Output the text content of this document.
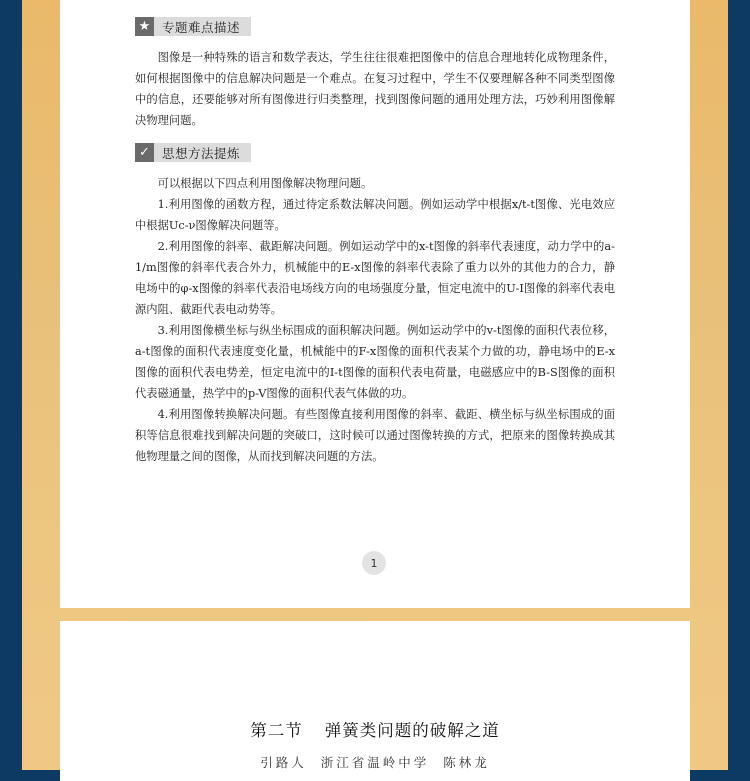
★ 专题难点描述

图像是一种特殊的语言和数学表达，学生往往很难把图像中的信息合理地转化成物理条件，如何根据图像中的信息解决问题是一个难点。在复习过程中，学生不仅要理解各种不同类型图像中的信息，还要能够对所有图像进行归类整理，找到图像问题的通用处理方法，巧妙利用图像解决物理问题。

✓ 思想方法提炼

可以根据以下四点利用图像解决物理问题。

1.利用图像的函数方程，通过待定系数法解决问题。例如运动学中根据x/t-t图像、光电效应中根据Uc-ν图像解决问题等。

2.利用图像的斜率、截距解决问题。例如运动学中的x-t图像的斜率代表速度，动力学中的a-1/m图像的斜率代表合外力，机械能中的E-x图像的斜率代表除了重力以外的其他力的合力，静电场中的φ-x图像的斜率代表沿电场线方向的电场强度分量，恒定电流中的U-I图像的斜率代表电源内阻、截距代表电动势等。

3.利用图像横坐标与纵坐标围成的面积解决问题。例如运动学中的v-t图像的面积代表位移，a-t图像的面积代表速度变化量，机械能中的F-x图像的面积代表某个力做的功，静电场中的E-x图像的面积代表电势差，恒定电流中的I-t图像的面积代表电荷量，电磁感应中的B-S图像的面积代表磁通量，热学中的p-V图像的面积代表气体做的功。

4.利用图像转换解决问题。有些图像直接利用图像的斜率、截距、横坐标与纵坐标围成的面积等信息很难找到解决问题的突破口，这时候可以通过图像转换的方式，把原来的图像转换成其他物理量之间的图像，从而找到解决问题的方法。

1
第二节 弹簧类问题的破解之道
引路人 浙江省温岭中学 陈林龙
